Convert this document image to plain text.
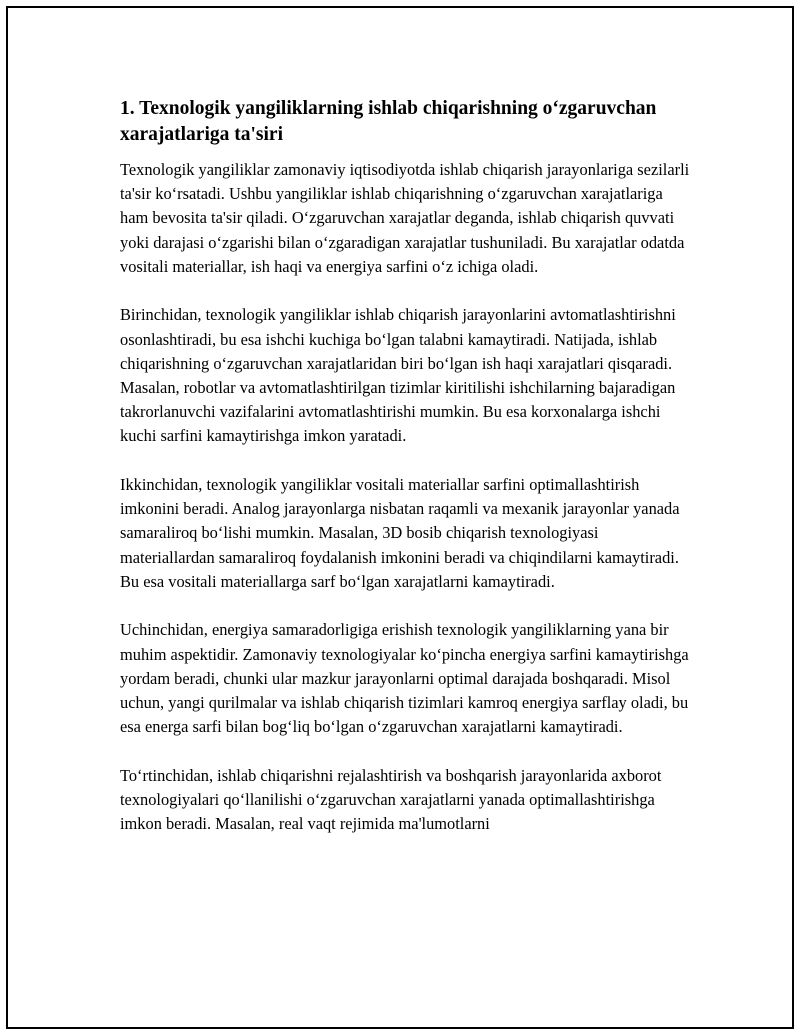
1. Texnologik yangiliklarning ishlab chiqarishning oʻzgaruvchan xarajatlariga ta'siri

Texnologik yangiliklar zamonaviy iqtisodiyotda ishlab chiqarish jarayonlariga sezilarli ta'sir koʻrsatadi. Ushbu yangiliklar ishlab chiqarishning oʻzgaruvchan xarajatlariga ham bevosita ta'sir qiladi. Oʻzgaruvchan xarajatlar deganda, ishlab chiqarish quvvati yoki darajasi oʻzgarishi bilan oʻzgaradigan xarajatlar tushuniladi. Bu xarajatlar odatda vositali materiallar, ish haqi va energiya sarfini oʻz ichiga oladi.

Birinchidan, texnologik yangiliklar ishlab chiqarish jarayonlarini avtomatlashtirishni osonlashtiradi, bu esa ishchi kuchiga boʻlgan talabni kamaytiradi. Natijada, ishlab chiqarishning oʻzgaruvchan xarajatlaridan biri boʻlgan ish haqi xarajatlari qisqaradi. Masalan, robotlar va avtomatlashtirilgan tizimlar kiritilishi ishchilarning bajaradigan takrorlanuvchi vazifalarini avtomatlashtirishi mumkin. Bu esa korxonalarga ishchi kuchi sarfini kamaytirishga imkon yaratadi.

Ikkinchidan, texnologik yangiliklar vositali materiallar sarfini optimallashtirish imkonini beradi. Analog jarayonlarga nisbatan raqamli va mexanik jarayonlar yanada samaraliroq boʻlishi mumkin. Masalan, 3D bosib chiqarish texnologiyasi materiallardan samaraliroq foydalanish imkonini beradi va chiqindilarni kamaytiradi. Bu esa vositali materiallarga sarf boʻlgan xarajatlarni kamaytiradi.

Uchinchidan, energiya samaradorligiga erishish texnologik yangiliklarning yana bir muhim aspektidir. Zamonaviy texnologiyalar koʻpincha energiya sarfini kamaytirishga yordam beradi, chunki ular mazkur jarayonlarni optimal darajada boshqaradi. Misol uchun, yangi qurilmalar va ishlab chiqarish tizimlari kamroq energiya sarflay oladi, bu esa energa sarfi bilan bogʻliq boʻlgan oʻzgaruvchan xarajatlarni kamaytiradi.

Toʻrtinchidan, ishlab chiqarishni rejalashtirish va boshqarish jarayonlarida axborot texnologiyalari qoʻllanilishi oʻzgaruvchan xarajatlarni yanada optimallashtirishga imkon beradi. Masalan, real vaqt rejimida ma'lumotlarni
